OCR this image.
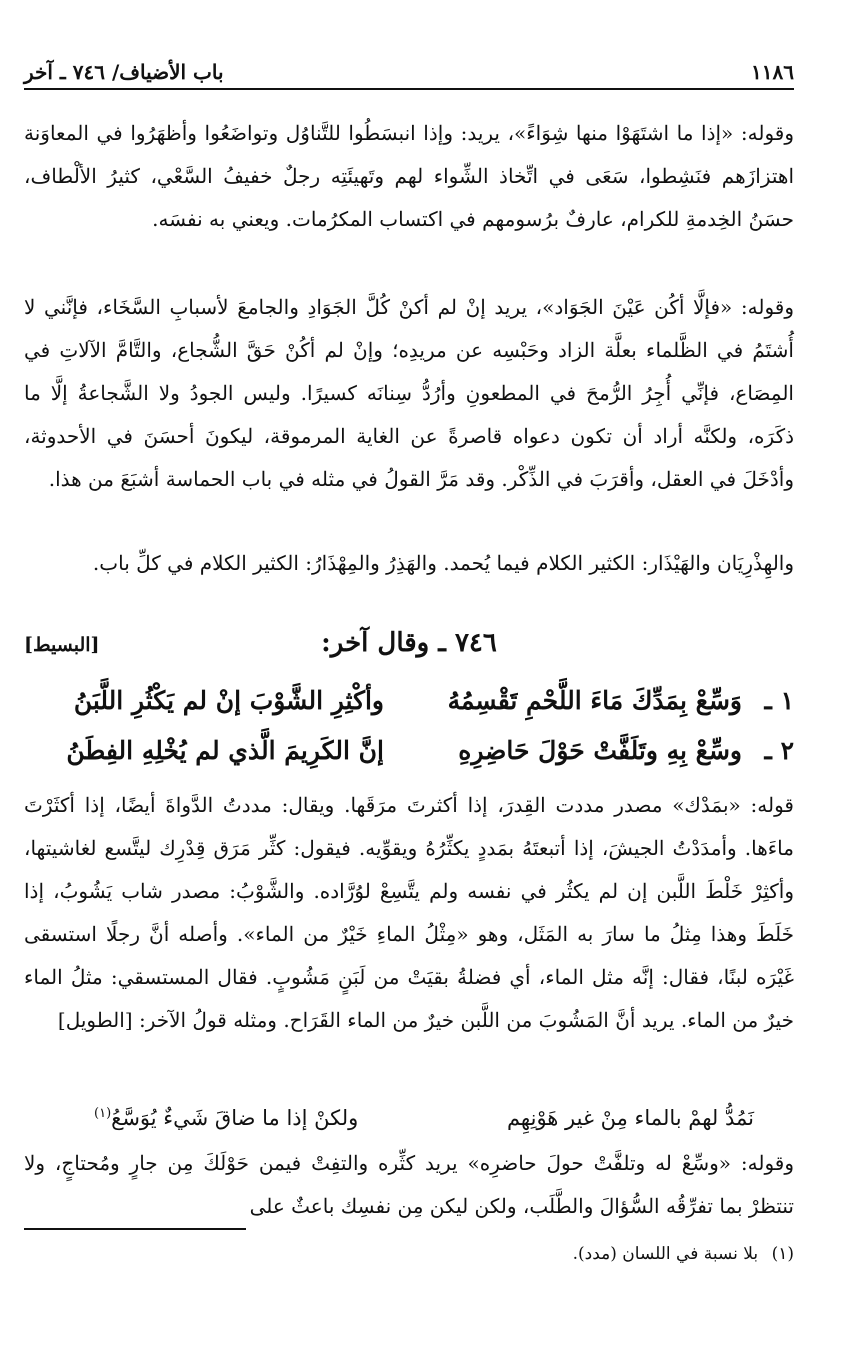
١١٨٦
باب الأضياف/ ٧٤٦ ـ آخر
وقوله: «إذا ما اشتَهَوْا منها شِوَاءً»، يريد: وإذا انبسَطُوا للتَّناوُل وتواضَعُوا وأظهَرُوا في المعاوَنة اهتزازَهم فنَشِطوا، سَعَى في اتِّخاذ الشِّواء لهم وتَهيئَتِه رجلٌ خفيفُ السَّعْي، كثيرُ الألْطاف، حسَنُ الخِدمةِ للكرام، عارفٌ برُسومهم في اكتساب المكرُمات. ويعني به نفسَه.
وقوله: «فإلَّا أكُن عَيْنَ الجَوَاد»، يريد إنْ لم أكنْ كُلَّ الجَوَادِ والجامعَ لأسبابِ السَّخَاء، فإنَّني لا أُشتَمُ في الظَّلماء بعلَّة الزاد وحَبْسِه عن مريدِه؛ وإنْ لم أكُنْ حَقَّ الشُّجاع، والتَّامَّ الآلاتِ في المِصَاع، فإنِّي أُجِرُ الرُّمحَ في المطعونِ وأرُدُّ سِنانَه كسيرًا. وليس الجودُ ولا الشَّجاعةُ إلَّا ما ذكَرَه، ولكنَّه أراد أن تكون دعواه قاصرةً عن الغاية المرموقة، ليكونَ أحسَنَ في الأحدوثة، وأدْخَلَ في العقل، وأقرَبَ في الذِّكْر. وقد مَرَّ القولُ في مثله في باب الحماسة أشبَعَ من هذا.
والهِذْرِيَان والهَيْذَار: الكثير الكلام فيما يُحمد. والهَذِرُ والمِهْذَارُ: الكثير الكلام في كلِّ باب.
٧٤٦ ـ وقال آخر:
[البسيط]
١ ـ
وَسِّعْ بِمَدِّكَ مَاءَ اللَّحْمِ تَقْسِمُهُ
وأكْثِرِ الشَّوْبَ إنْ لم يَكْثُرِ اللَّبَنُ
٢ ـ
وسِّعْ بِهِ وتَلَفَّتْ حَوْلَ حَاضِرِهِ
إنَّ الكَرِيمَ الَّذي لم يُخْلِهِ الفِطَنُ
قوله: «بمَدْك» مصدر مددت القِدرَ، إذا أكثرتَ مرَقَها. ويقال: مددتُ الدَّواةَ أيضًا، إذا أكثَرْتَ ماءَها. وأمدَدْتُ الجيشَ، إذا أتبعتَهُ بمَددٍ يكثِّرُهُ ويقوِّيه. فيقول: كثِّر مَرَق قِدْرِك ليتَّسع لغاشيتها، وأكثِرْ خَلْطَ اللَّبن إن لم يكثُر في نفسه ولم يتَّسِعْ لوُرَّاده. والشَّوْبُ: مصدر شاب يَشُوبُ، إذا خَلَطَ وهذا مِثلُ ما سارَ به المَثَل، وهو «مِثْلُ الماءِ خَيْرٌ من الماء». وأصله أنَّ رجلًا استسقى غَيْرَه لبنًا، فقال: إنَّه مثل الماء، أي فضلةُ بقيَتْ من لَبَنٍ مَشُوبٍ. فقال المستسقي: مثلُ الماء خيرٌ من الماء. يريد أنَّ المَشُوبَ من اللَّبن خيرٌ من الماء القَرَاح. ومثله قولُ الآخر: [الطويل]
نَمُدُّ لهمْ بالماء مِنْ غير هَوْنِهِم
ولكنْ إذا ما ضاقَ شَيءٌ يُوَسَّعُ$^{(١)}$
وقوله: «وسِّعْ له وتلفَّتْ حولَ حاضرِه» يريد كثِّره والتفِتْ فيمن حَوْلَكَ مِن جارٍ ومُحتاجٍ، ولا تنتظرْ بما تفرِّقُه السُّؤالَ والطَّلَب، ولكن ليكن مِن نفسِك باعثٌ على
(١) بلا نسبة في اللسان (مدد).
